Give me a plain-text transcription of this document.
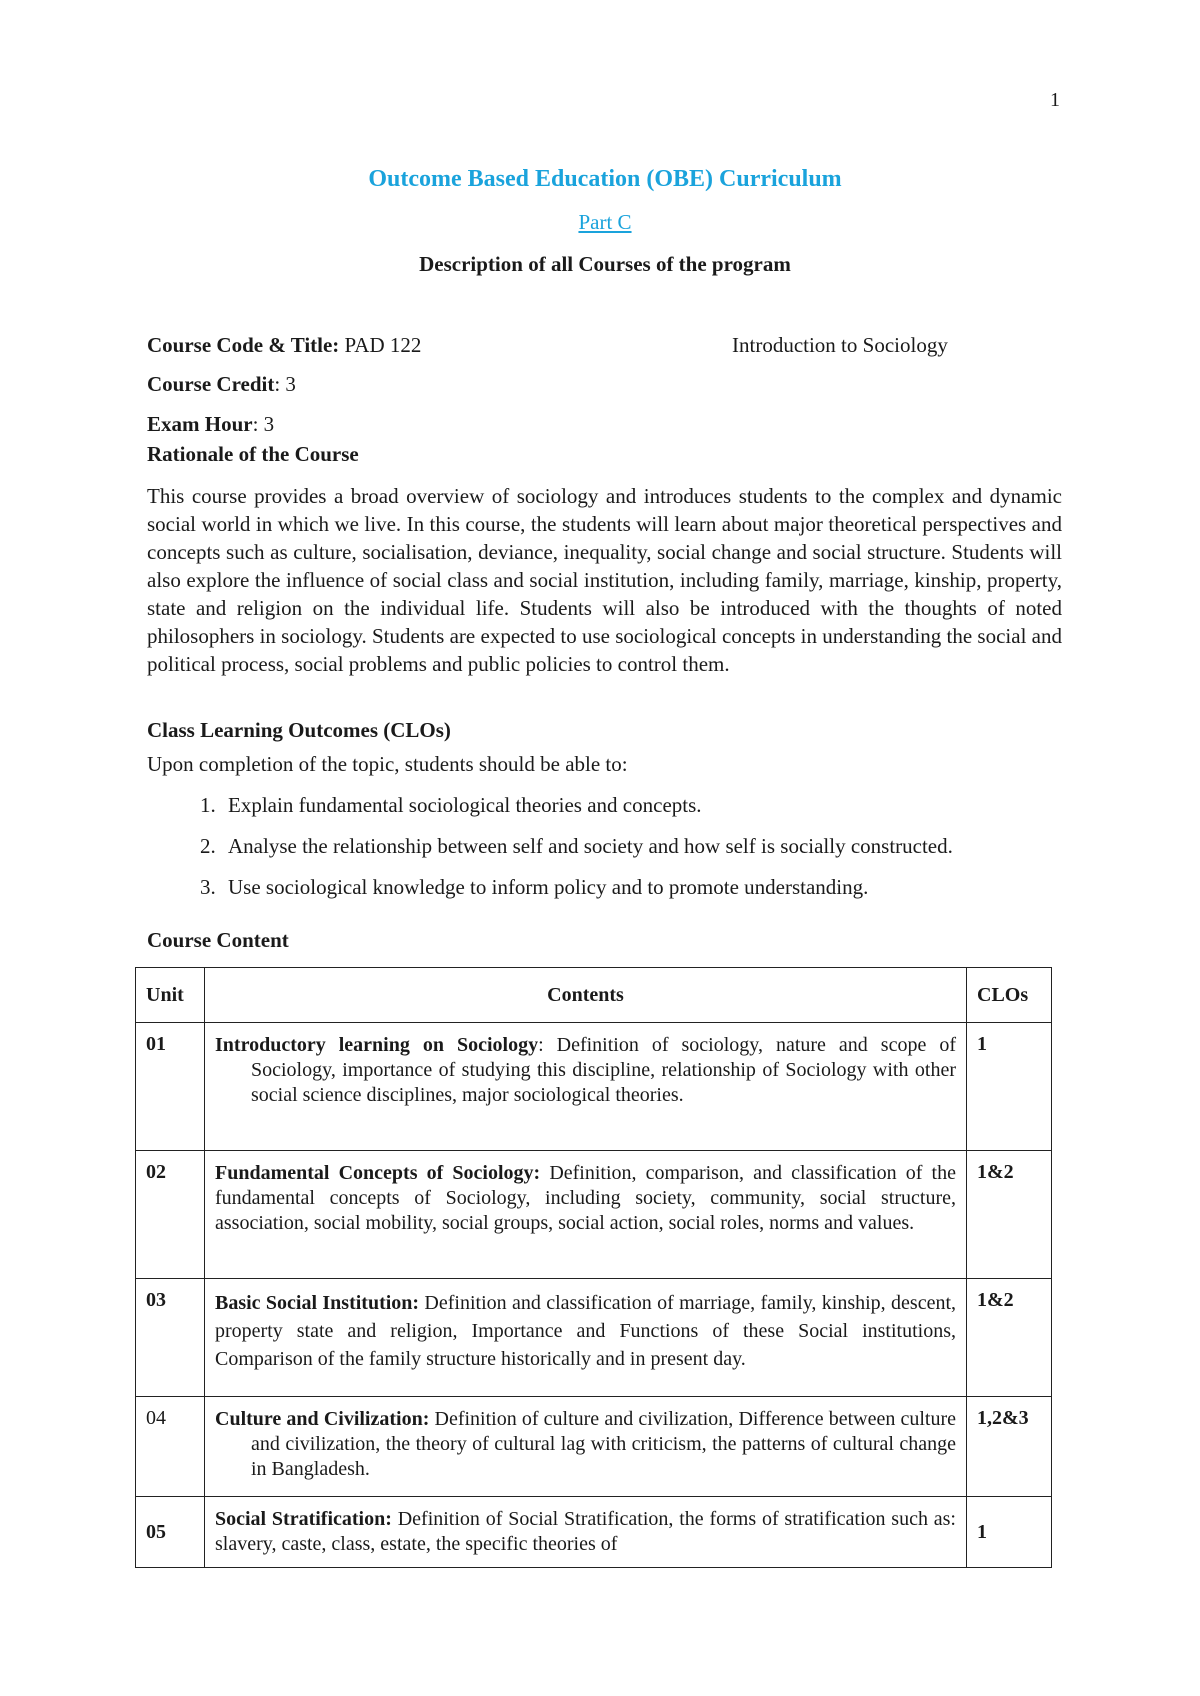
1
Outcome Based Education (OBE) Curriculum
Part C
Description of all Courses of the program
Course Code & Title: PAD 122	Introduction to Sociology
Course Credit: 3
Exam Hour: 3
Rationale of the Course

This course provides a broad overview of sociology and introduces students to the complex and dynamic social world in which we live. In this course, the students will learn about major theoretical perspectives and concepts such as culture, socialisation, deviance, inequality, social change and social structure. Students will also explore the influence of social class and social institution, including family, marriage, kinship, property, state and religion on the individual life. Students will also be introduced with the thoughts of noted philosophers in sociology. Students are expected to use sociological concepts in understanding the social and political process, social problems and public policies to control them.

Class Learning Outcomes (CLOs)
Upon completion of the topic, students should be able to:
1. Explain fundamental sociological theories and concepts.
2. Analyse the relationship between self and society and how self is socially constructed.
3. Use sociological knowledge to inform policy and to promote understanding.
Course Content
Unit	Contents	CLOs
01	Introductory learning on Sociology: Definition of sociology, nature and scope of Sociology, importance of studying this discipline, relationship of Sociology with other social science disciplines, major sociological theories.	1
02	Fundamental Concepts of Sociology: Definition, comparison, and classification of the fundamental concepts of Sociology, including society, community, social structure, association, social mobility, social groups, social action, social roles, norms and values.	1&2
03	Basic Social Institution: Definition and classification of marriage, family, kinship, descent, property state and religion, Importance and Functions of these Social institutions, Comparison of the family structure historically and in present day.	1&2
04	Culture and Civilization: Definition of culture and civilization, Difference between culture and civilization, the theory of cultural lag with criticism, the patterns of cultural change in Bangladesh.	1,2&3
05	Social Stratification: Definition of Social Stratification, the forms of stratification such as: slavery, caste, class, estate, the specific theories of	1
